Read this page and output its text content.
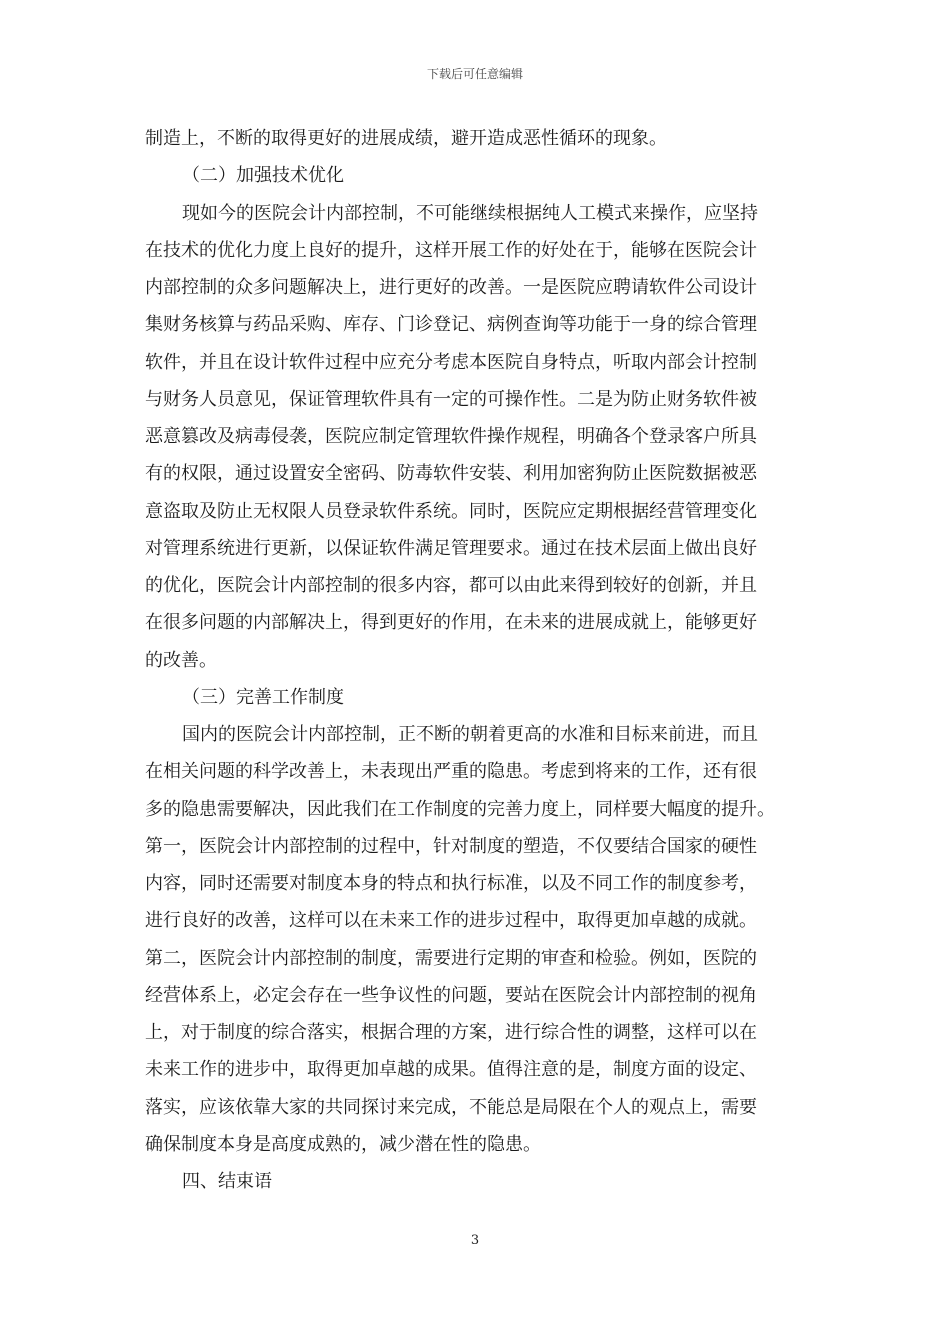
下载后可任意编辑
制造上，不断的取得更好的进展成绩，避开造成恶性循环的现象。
（二）加强技术优化
现如今的医院会计内部控制，不可能继续根据纯人工模式来操作，应坚持
在技术的优化力度上良好的提升，这样开展工作的好处在于，能够在医院会计
内部控制的众多问题解决上，进行更好的改善。一是医院应聘请软件公司设计
集财务核算与药品采购、库存、门诊登记、病例查询等功能于一身的综合管理
软件，并且在设计软件过程中应充分考虑本医院自身特点，听取内部会计控制
与财务人员意见，保证管理软件具有一定的可操作性。二是为防止财务软件被
恶意篡改及病毒侵袭，医院应制定管理软件操作规程，明确各个登录客户所具
有的权限，通过设置安全密码、防毒软件安装、利用加密狗防止医院数据被恶
意盗取及防止无权限人员登录软件系统。同时，医院应定期根据经营管理变化
对管理系统进行更新，以保证软件满足管理要求。通过在技术层面上做出良好
的优化，医院会计内部控制的很多内容，都可以由此来得到较好的创新，并且
在很多问题的内部解决上，得到更好的作用，在未来的进展成就上，能够更好
的改善。
（三）完善工作制度
国内的医院会计内部控制，正不断的朝着更高的水准和目标来前进，而且
在相关问题的科学改善上，未表现出严重的隐患。考虑到将来的工作，还有很
多的隐患需要解决，因此我们在工作制度的完善力度上，同样要大幅度的提升。
第一，医院会计内部控制的过程中，针对制度的塑造，不仅要结合国家的硬性
内容，同时还需要对制度本身的特点和执行标准，以及不同工作的制度参考，
进行良好的改善，这样可以在未来工作的进步过程中，取得更加卓越的成就。
第二，医院会计内部控制的制度，需要进行定期的审查和检验。例如，医院的
经营体系上，必定会存在一些争议性的问题，要站在医院会计内部控制的视角
上，对于制度的综合落实，根据合理的方案，进行综合性的调整，这样可以在
未来工作的进步中，取得更加卓越的成果。值得注意的是，制度方面的设定、
落实，应该依靠大家的共同探讨来完成，不能总是局限在个人的观点上，需要
确保制度本身是高度成熟的，减少潜在性的隐患。
四、结束语
3
